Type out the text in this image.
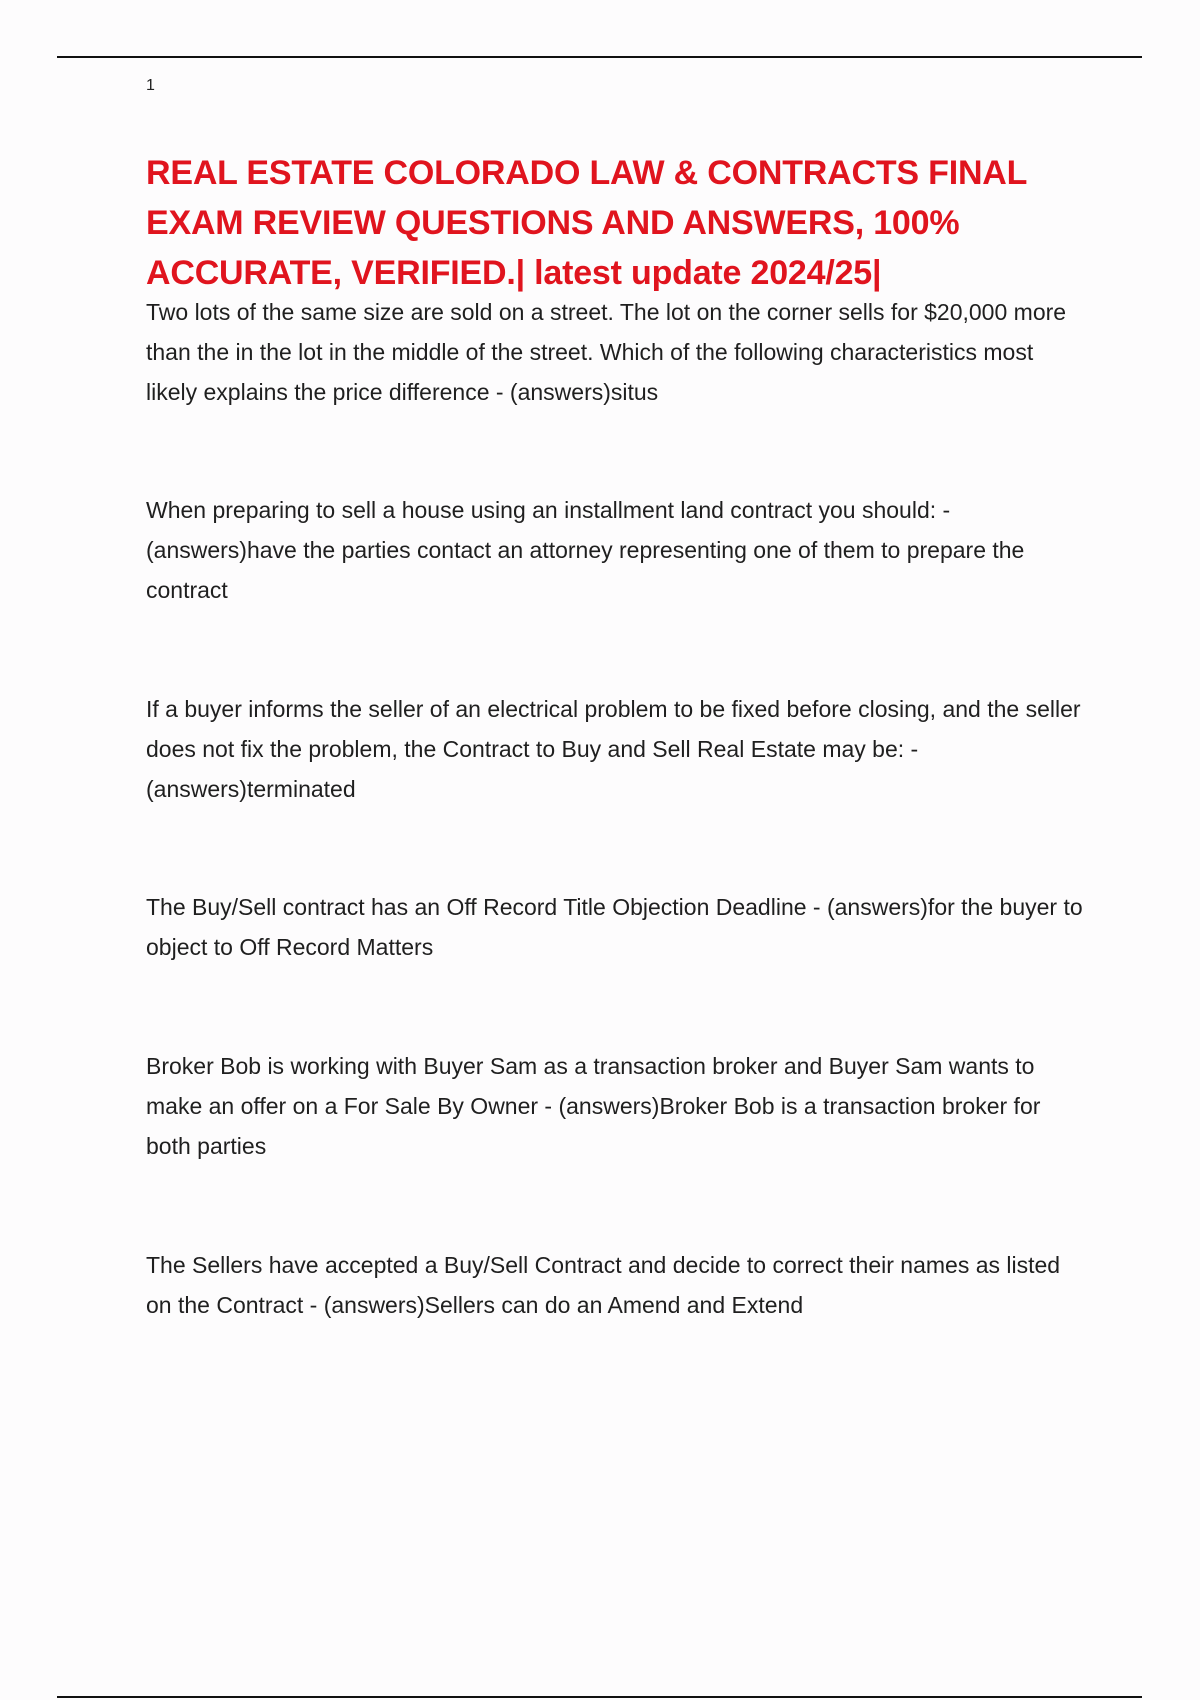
1
REAL ESTATE COLORADO LAW & CONTRACTS FINAL EXAM REVIEW QUESTIONS AND ANSWERS, 100% ACCURATE, VERIFIED.| latest update 2024/25|

Two lots of the same size are sold on a street. The lot on the corner sells for $20,000 more than the in the lot in the middle of the street. Which of the following characteristics most likely explains the price difference - (answers)situs

When preparing to sell a house using an installment land contract you should: - (answers)have the parties contact an attorney representing one of them to prepare the contract

If a buyer informs the seller of an electrical problem to be fixed before closing, and the seller does not fix the problem, the Contract to Buy and Sell Real Estate may be: - (answers)terminated

The Buy/Sell contract has an Off Record Title Objection Deadline - (answers)for the buyer to object to Off Record Matters

Broker Bob is working with Buyer Sam as a transaction broker and Buyer Sam wants to make an offer on a For Sale By Owner - (answers)Broker Bob is a transaction broker for both parties

The Sellers have accepted a Buy/Sell Contract and decide to correct their names as listed on the Contract - (answers)Sellers can do an Amend and Extend
